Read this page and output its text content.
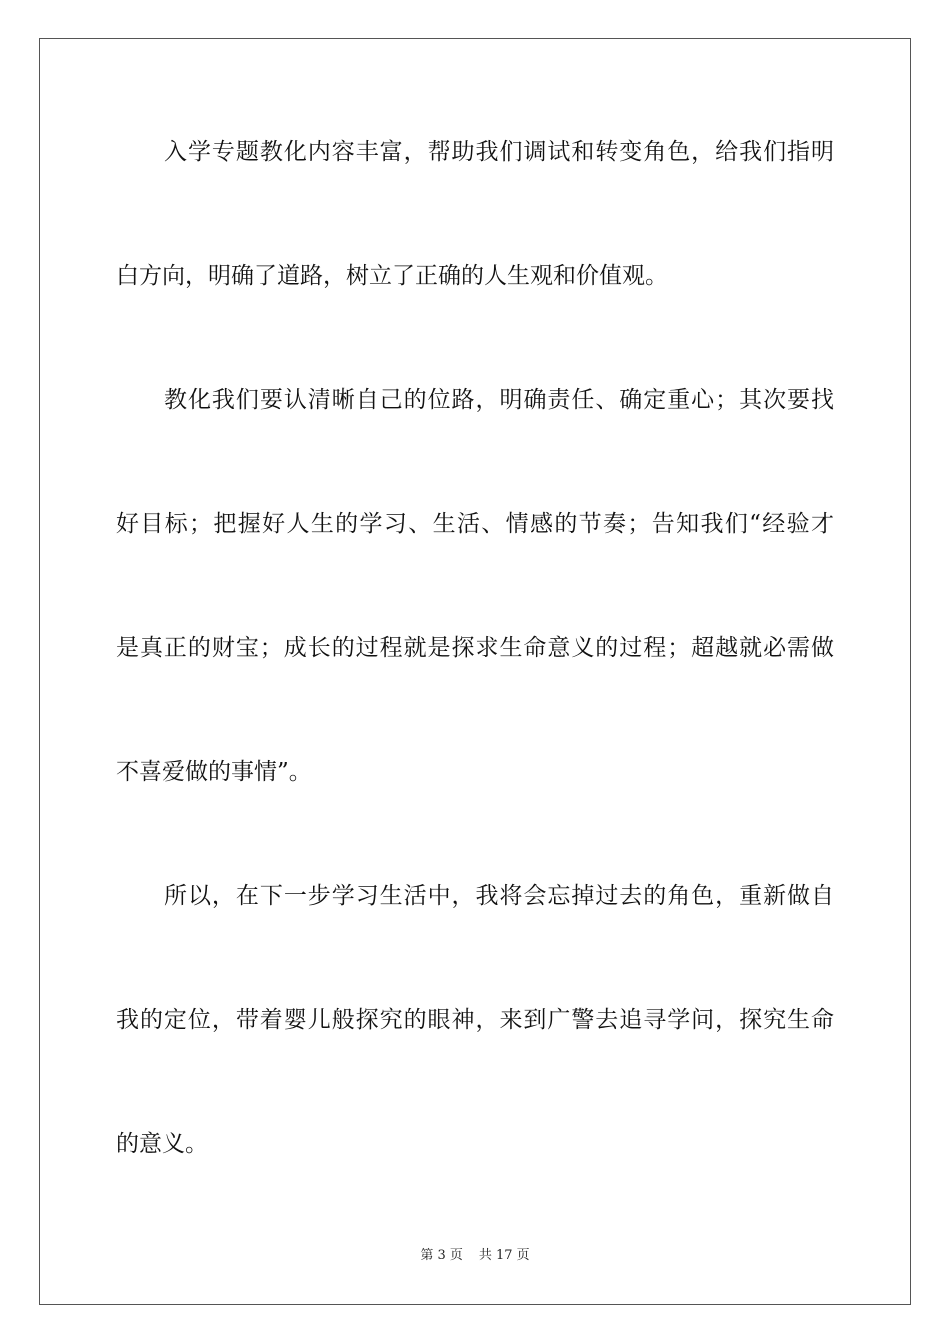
入学专题教化内容丰富，帮助我们调试和转变角色，给我们指明
白方向，明确了道路，树立了正确的人生观和价值观。
教化我们要认清晰自己的位路，明确责任、确定重心；其次要找
好目标；把握好人生的学习、生活、情感的节奏；告知我们“经验才
是真正的财宝；成长的过程就是探求生命意义的过程；超越就必需做
不喜爱做的事情”。
所以，在下一步学习生活中，我将会忘掉过去的角色，重新做自
我的定位，带着婴儿般探究的眼神，来到广警去追寻学问，探究生命
的意义。
第 3 页 共 17 页
